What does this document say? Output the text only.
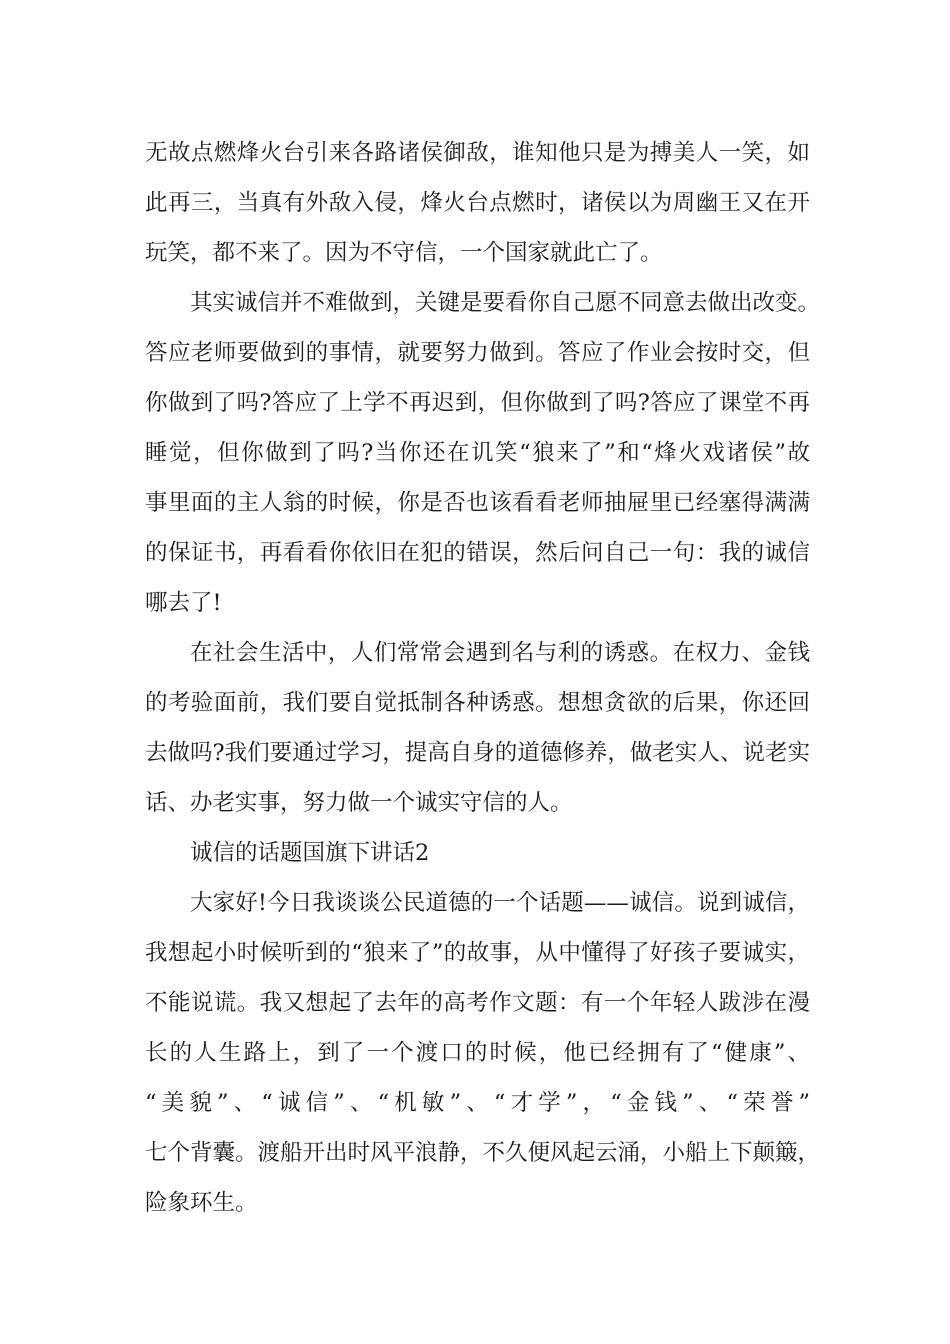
无故点燃烽火台引来各路诸侯御敌，谁知他只是为搏美人一笑，如
此再三，当真有外敌入侵，烽火台点燃时，诸侯以为周幽王又在开
玩笑，都不来了。因为不守信，一个国家就此亡了。
其实诚信并不难做到，关键是要看你自己愿不同意去做出改变。
答应老师要做到的事情，就要努力做到。答应了作业会按时交，但
你做到了吗?答应了上学不再迟到，但你做到了吗?答应了课堂不再
睡觉，但你做到了吗?当你还在讥笑“狼来了”和“烽火戏诸侯”故
事里面的主人翁的时候，你是否也该看看老师抽屉里已经塞得满满
的保证书，再看看你依旧在犯的错误，然后问自己一句：我的诚信
哪去了!
在社会生活中，人们常常会遇到名与利的诱惑。在权力、金钱
的考验面前，我们要自觉抵制各种诱惑。想想贪欲的后果，你还回
去做吗?我们要通过学习，提高自身的道德修养，做老实人、说老实
话、办老实事，努力做一个诚实守信的人。
诚信的话题国旗下讲话2
大家好!今日我谈谈公民道德的一个话题——诚信。说到诚信，
我想起小时候听到的“狼来了”的故事，从中懂得了好孩子要诚实，
不能说谎。我又想起了去年的高考作文题：有一个年轻人跋涉在漫
长的人生路上，到了一个渡口的时候，他已经拥有了“健康”、
“美貌”、“诚信”、“机敏”、“才学”，“金钱”、“荣誉”
七个背囊。渡船开出时风平浪静，不久便风起云涌，小船上下颠簸，
险象环生。
